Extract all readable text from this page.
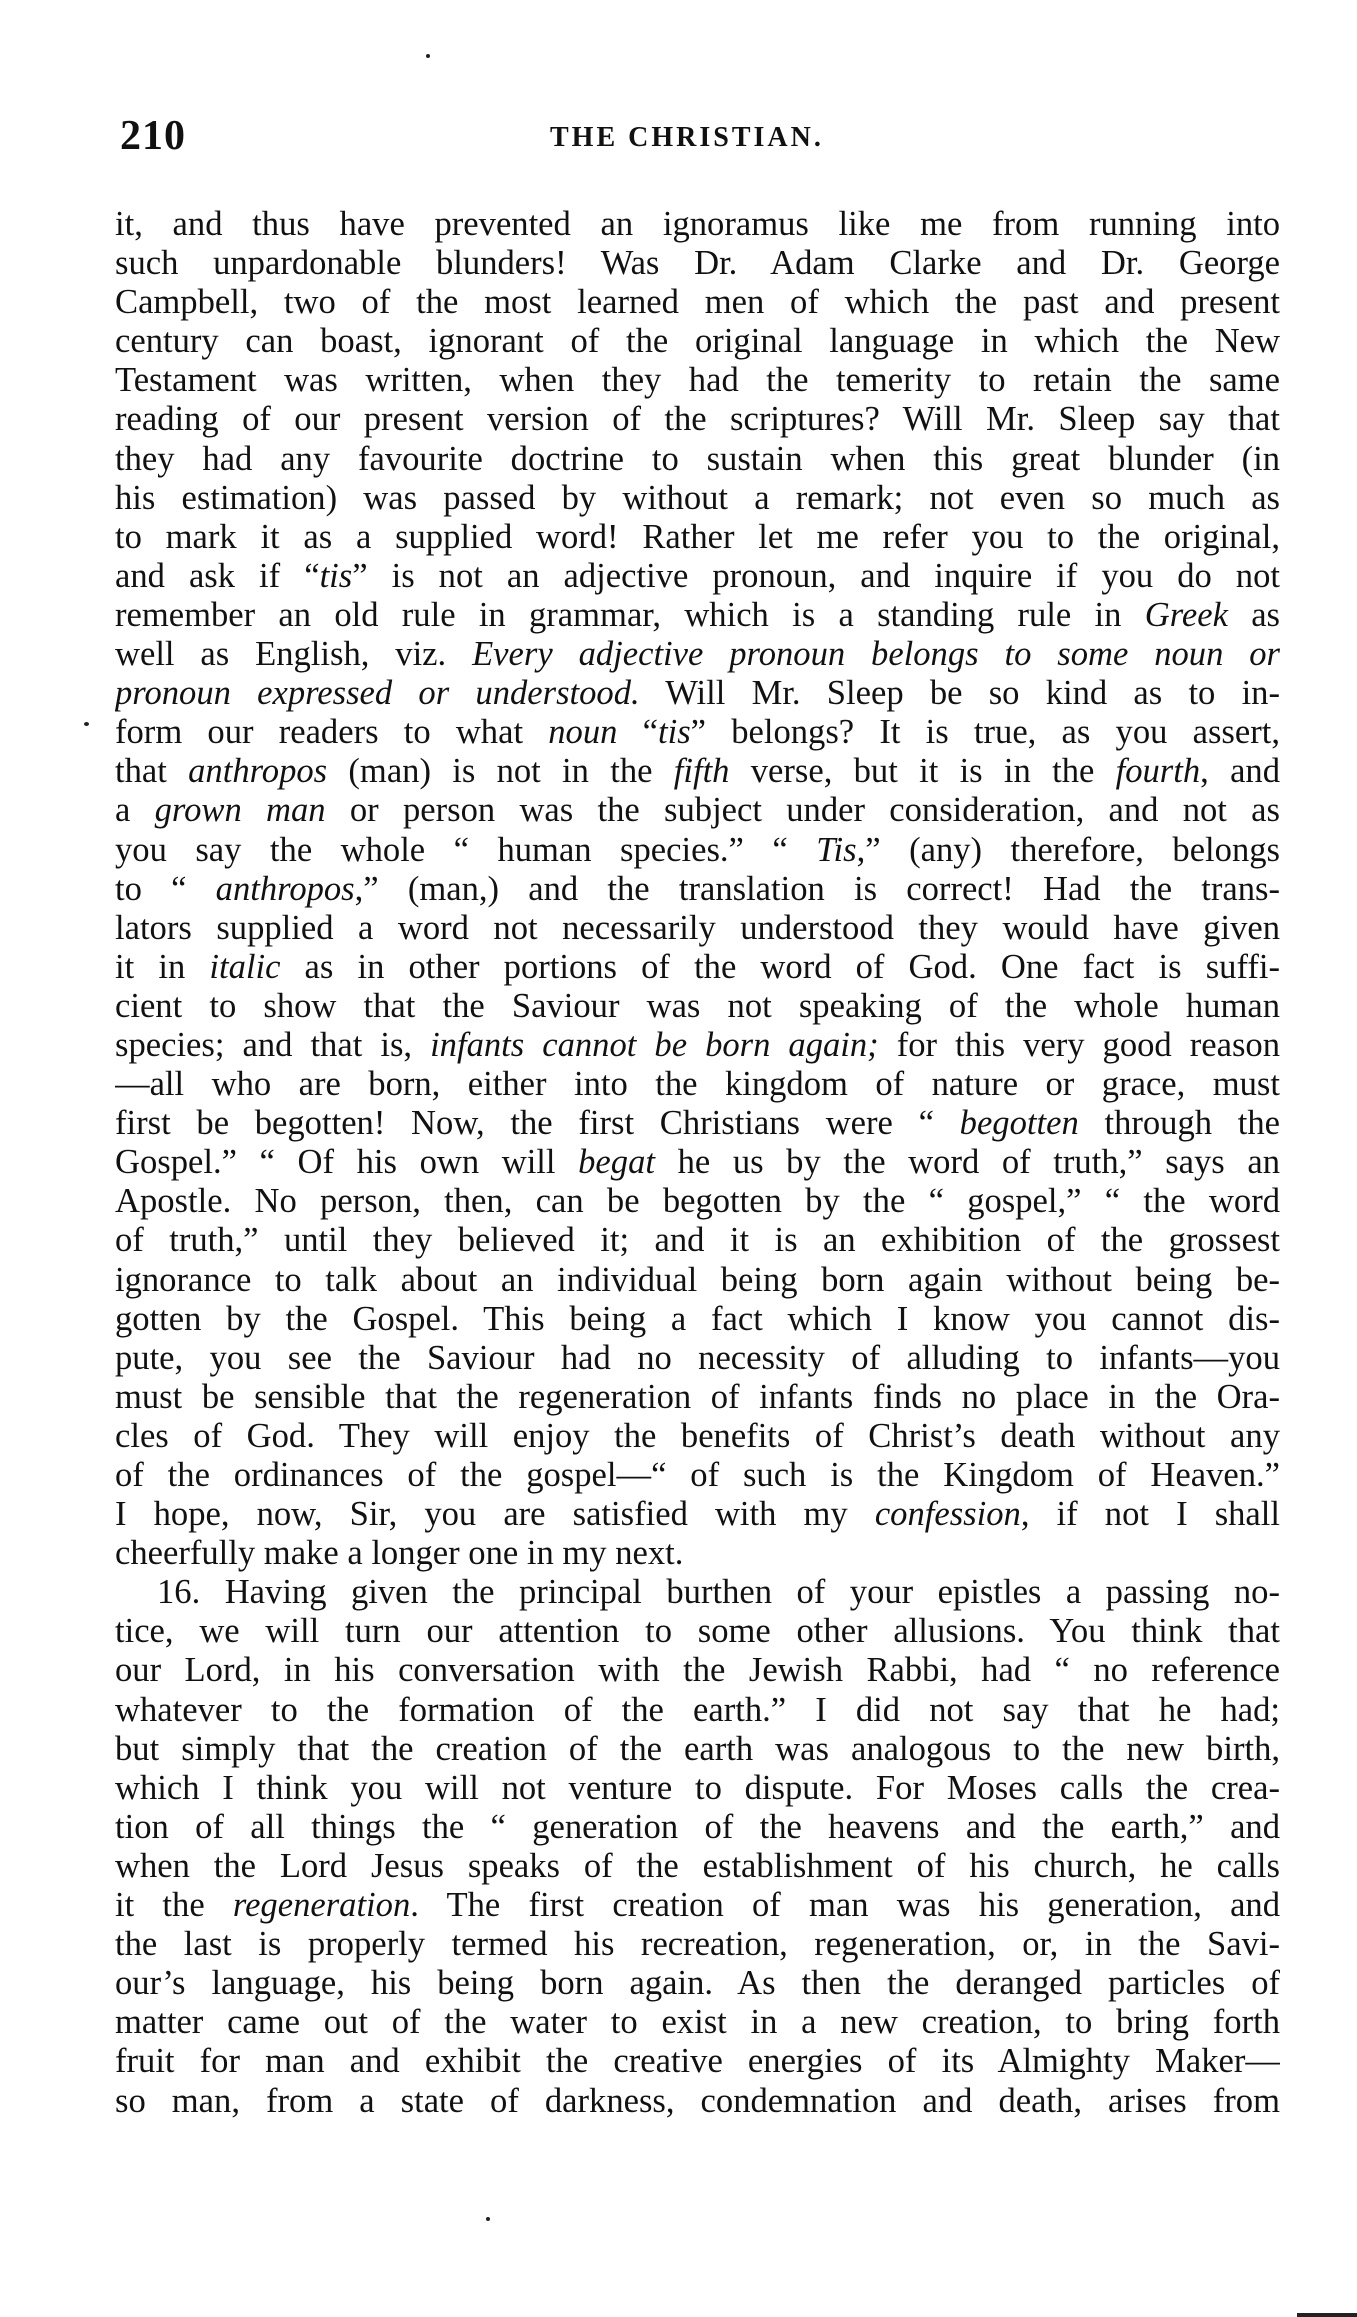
210	THE CHRISTIAN.
it, and thus have prevented an ignoramus like me from running into
such unpardonable blunders! Was Dr. Adam Clarke and Dr. George
Campbell, two of the most learned men of which the past and present
century can boast, ignorant of the original language in which the New
Testament was written, when they had the temerity to retain the same
reading of our present version of the scriptures? Will Mr. Sleep say that
they had any favourite doctrine to sustain when this great blunder (in
his estimation) was passed by without a remark; not even so much as
to mark it as a supplied word! Rather let me refer you to the original,
and ask if “tis” is not an adjective pronoun, and inquire if you do not
remember an old rule in grammar, which is a standing rule in Greek as
well as English, viz. Every adjective pronoun belongs to some noun or
pronoun expressed or understood. Will Mr. Sleep be so kind as to in-
form our readers to what noun “tis” belongs? It is true, as you assert,
that anthropos (man) is not in the fifth verse, but it is in the fourth, and
a grown man or person was the subject under consideration, and not as
you say the whole “ human species.” “ Tis,” (any) therefore, belongs
to “ anthropos,” (man,) and the translation is correct! Had the trans-
lators supplied a word not necessarily understood they would have given
it in italic as in other portions of the word of God. One fact is suffi-
cient to show that the Saviour was not speaking of the whole human
species; and that is, infants cannot be born again; for this very good reason
—all who are born, either into the kingdom of nature or grace, must
first be begotten! Now, the first Christians were “ begotten through the
Gospel.” “ Of his own will begat he us by the word of truth,” says an
Apostle. No person, then, can be begotten by the “ gospel,” “ the word
of truth,” until they believed it; and it is an exhibition of the grossest
ignorance to talk about an individual being born again without being be-
gotten by the Gospel. This being a fact which I know you cannot dis-
pute, you see the Saviour had no necessity of alluding to infants—you
must be sensible that the regeneration of infants finds no place in the Ora-
cles of God. They will enjoy the benefits of Christ’s death without any
of the ordinances of the gospel—“ of such is the Kingdom of Heaven.”
I hope, now, Sir, you are satisfied with my confession, if not I shall
cheerfully make a longer one in my next.
16. Having given the principal burthen of your epistles a passing no-
tice, we will turn our attention to some other allusions. You think that
our Lord, in his conversation with the Jewish Rabbi, had “ no reference
whatever to the formation of the earth.” I did not say that he had;
but simply that the creation of the earth was analogous to the new birth,
which I think you will not venture to dispute. For Moses calls the crea-
tion of all things the “ generation of the heavens and the earth,” and
when the Lord Jesus speaks of the establishment of his church, he calls
it the regeneration. The first creation of man was his generation, and
the last is properly termed his recreation, regeneration, or, in the Savi-
our’s language, his being born again. As then the deranged particles of
matter came out of the water to exist in a new creation, to bring forth
fruit for man and exhibit the creative energies of its Almighty Maker—
so man, from a state of darkness, condemnation and death, arises from
